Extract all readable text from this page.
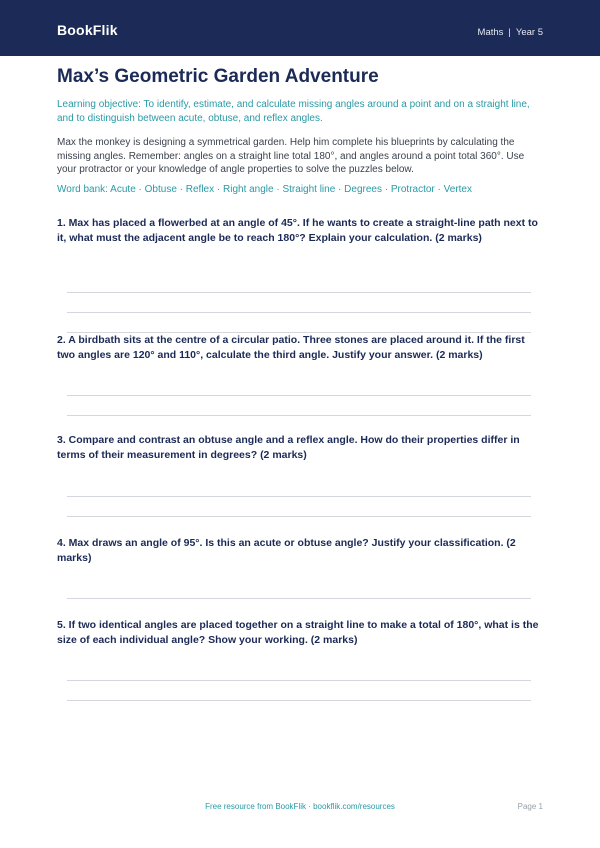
BookFlik	Maths | Year 5
Max’s Geometric Garden Adventure

Learning objective: To identify, estimate, and calculate missing angles around a point and on a straight line, and to distinguish between acute, obtuse, and reflex angles.

Max the monkey is designing a symmetrical garden. Help him complete his blueprints by calculating the missing angles. Remember: angles on a straight line total 180°, and angles around a point total 360°. Use your protractor or your knowledge of angle properties to solve the puzzles below.

Word bank: Acute · Obtuse · Reflex · Right angle · Straight line · Degrees · Protractor · Vertex

1. Max has placed a flowerbed at an angle of 45°. If he wants to create a straight-line path next to it, what must the adjacent angle be to reach 180°? Explain your calculation. (2 marks)

2. A birdbath sits at the centre of a circular patio. Three stones are placed around it. If the first two angles are 120° and 110°, calculate the third angle. Justify your answer. (2 marks)

3. Compare and contrast an obtuse angle and a reflex angle. How do their properties differ in terms of their measurement in degrees? (2 marks)

4. Max draws an angle of 95°. Is this an acute or obtuse angle? Justify your classification. (2 marks)

5. If two identical angles are placed together on a straight line to make a total of 180°, what is the size of each individual angle? Show your working. (2 marks)

Free resource from BookFlik · bookflik.com/resources	Page 1
